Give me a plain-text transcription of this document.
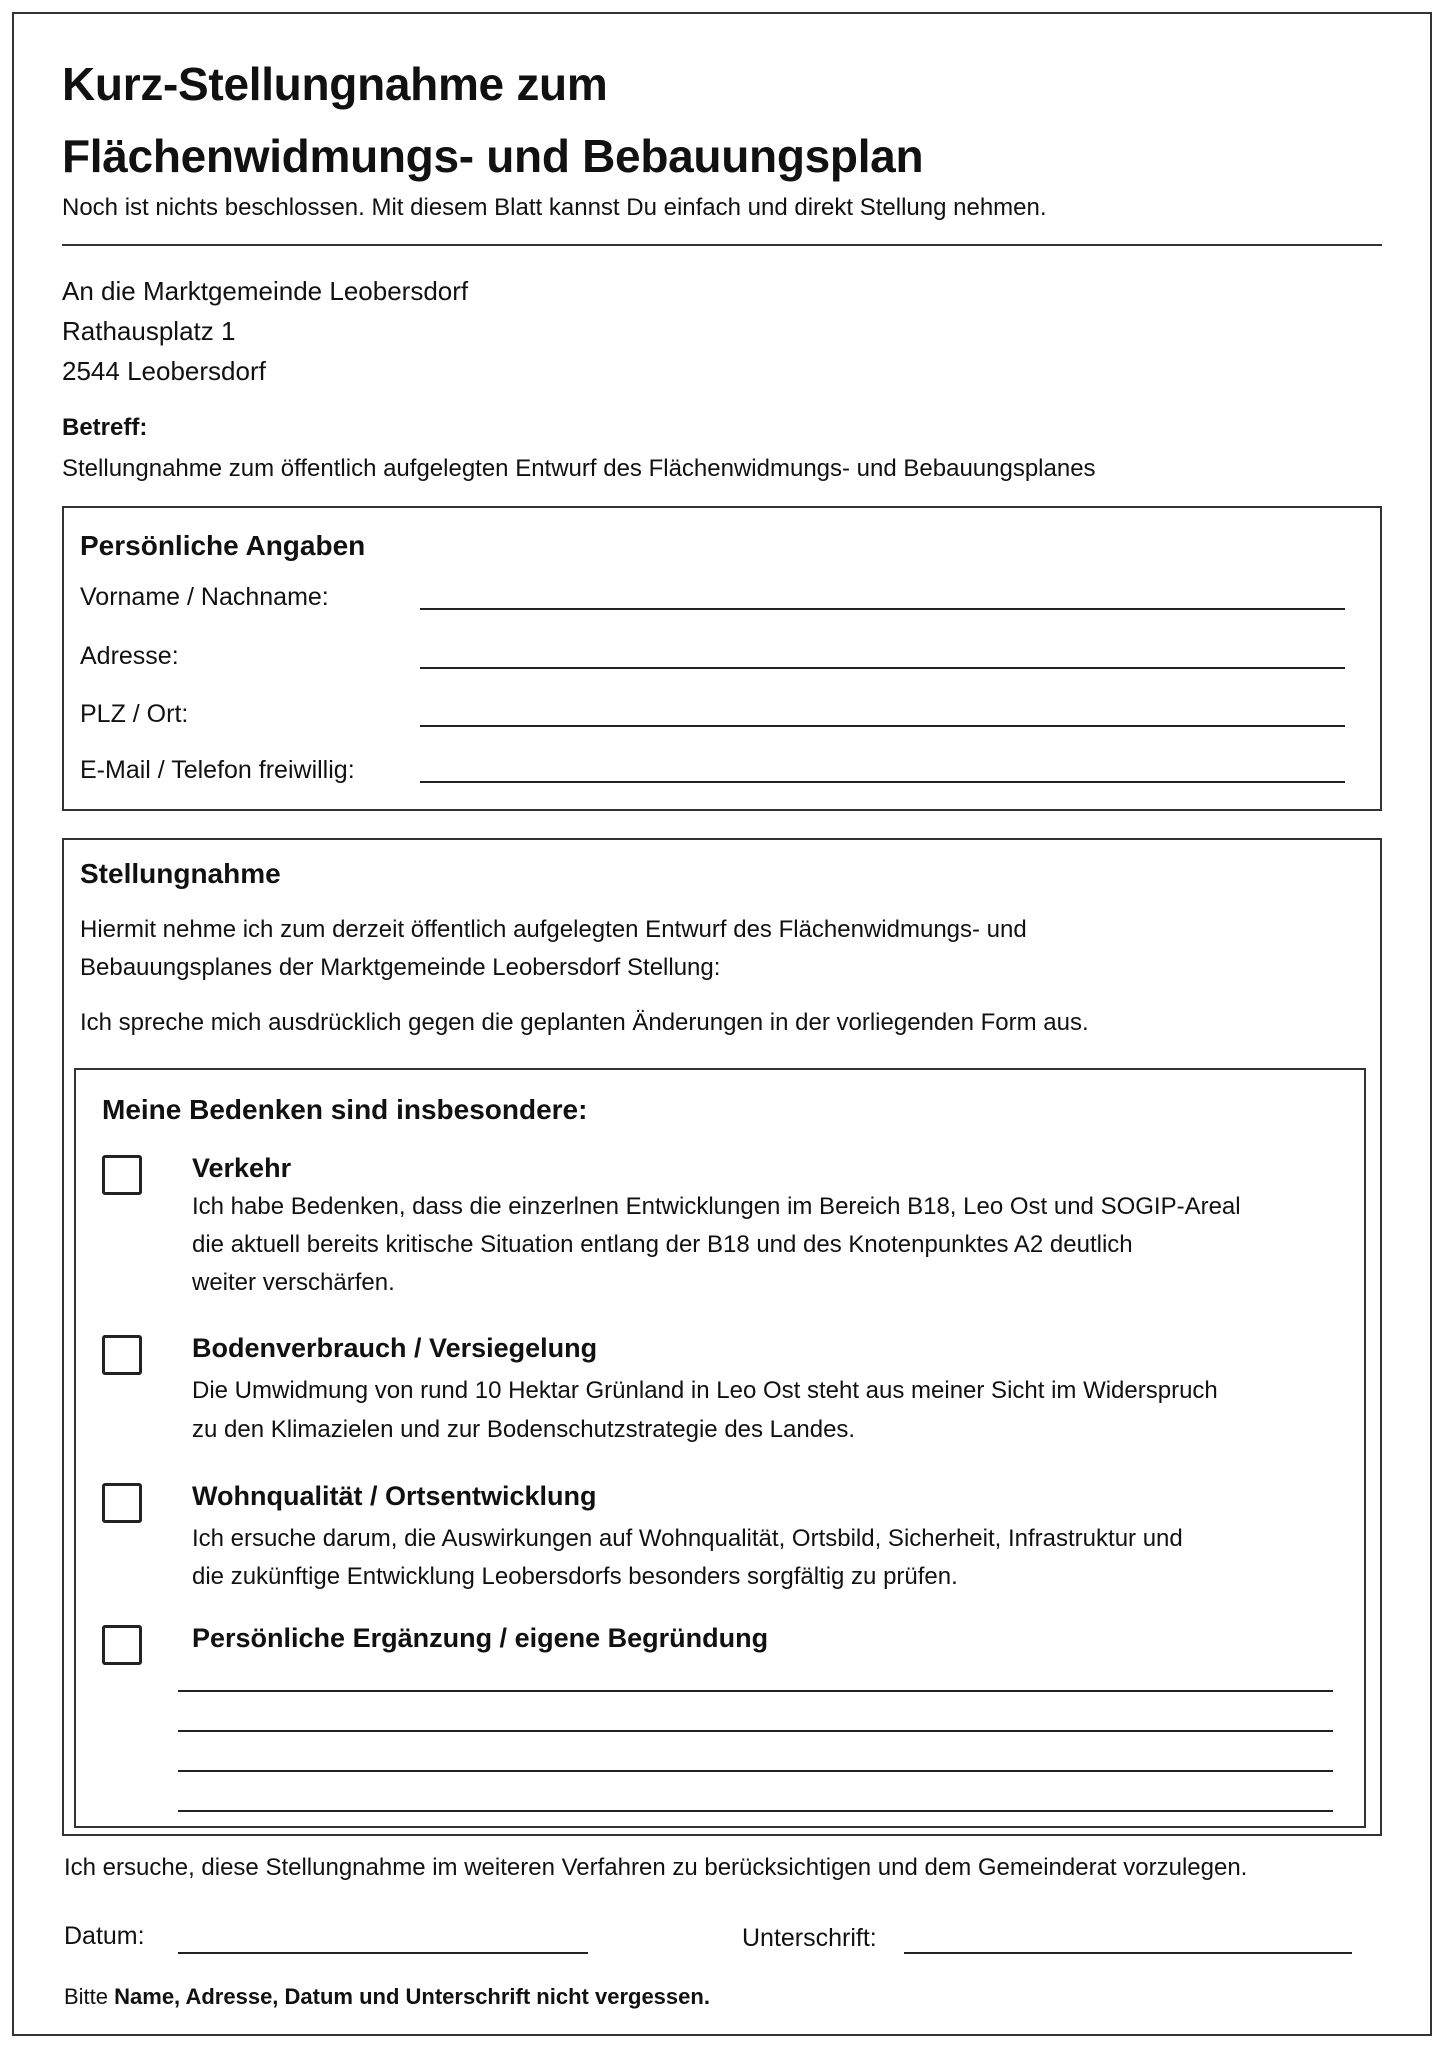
Kurz-Stellungnahme zum
Flächenwidmungs- und Bebauungsplan
Noch ist nichts beschlossen. Mit diesem Blatt kannst Du einfach und direkt Stellung nehmen.
An die Marktgemeinde Leobersdorf
Rathausplatz 1
2544 Leobersdorf
Betreff:
Stellungnahme zum öffentlich aufgelegten Entwurf des Flächenwidmungs- und Bebauungsplanes
Persönliche Angaben
Vorname / Nachname:
Adresse:
PLZ / Ort:
E-Mail / Telefon freiwillig:
Stellungnahme
Hiermit nehme ich zum derzeit öffentlich aufgelegten Entwurf des Flächenwidmungs- und
Bebauungsplanes der Marktgemeinde Leobersdorf Stellung:
Ich spreche mich ausdrücklich gegen die geplanten Änderungen in der vorliegenden Form aus.
Meine Bedenken sind insbesondere:
Verkehr
Ich habe Bedenken, dass die einzerlnen Entwicklungen im Bereich B18, Leo Ost und SOGIP-Areal
die aktuell bereits kritische Situation entlang der B18 und des Knotenpunktes A2 deutlich
weiter verschärfen.
Bodenverbrauch / Versiegelung
Die Umwidmung von rund 10 Hektar Grünland in Leo Ost steht aus meiner Sicht im Widerspruch
zu den Klimazielen und zur Bodenschutzstrategie des Landes.
Wohnqualität / Ortsentwicklung
Ich ersuche darum, die Auswirkungen auf Wohnqualität, Ortsbild, Sicherheit, Infrastruktur und
die zukünftige Entwicklung Leobersdorfs besonders sorgfältig zu prüfen.
Persönliche Ergänzung / eigene Begründung
Ich ersuche, diese Stellungnahme im weiteren Verfahren zu berücksichtigen und dem Gemeinderat vorzulegen.
Datum:	Unterschrift:
Bitte Name, Adresse, Datum und Unterschrift nicht vergessen.
